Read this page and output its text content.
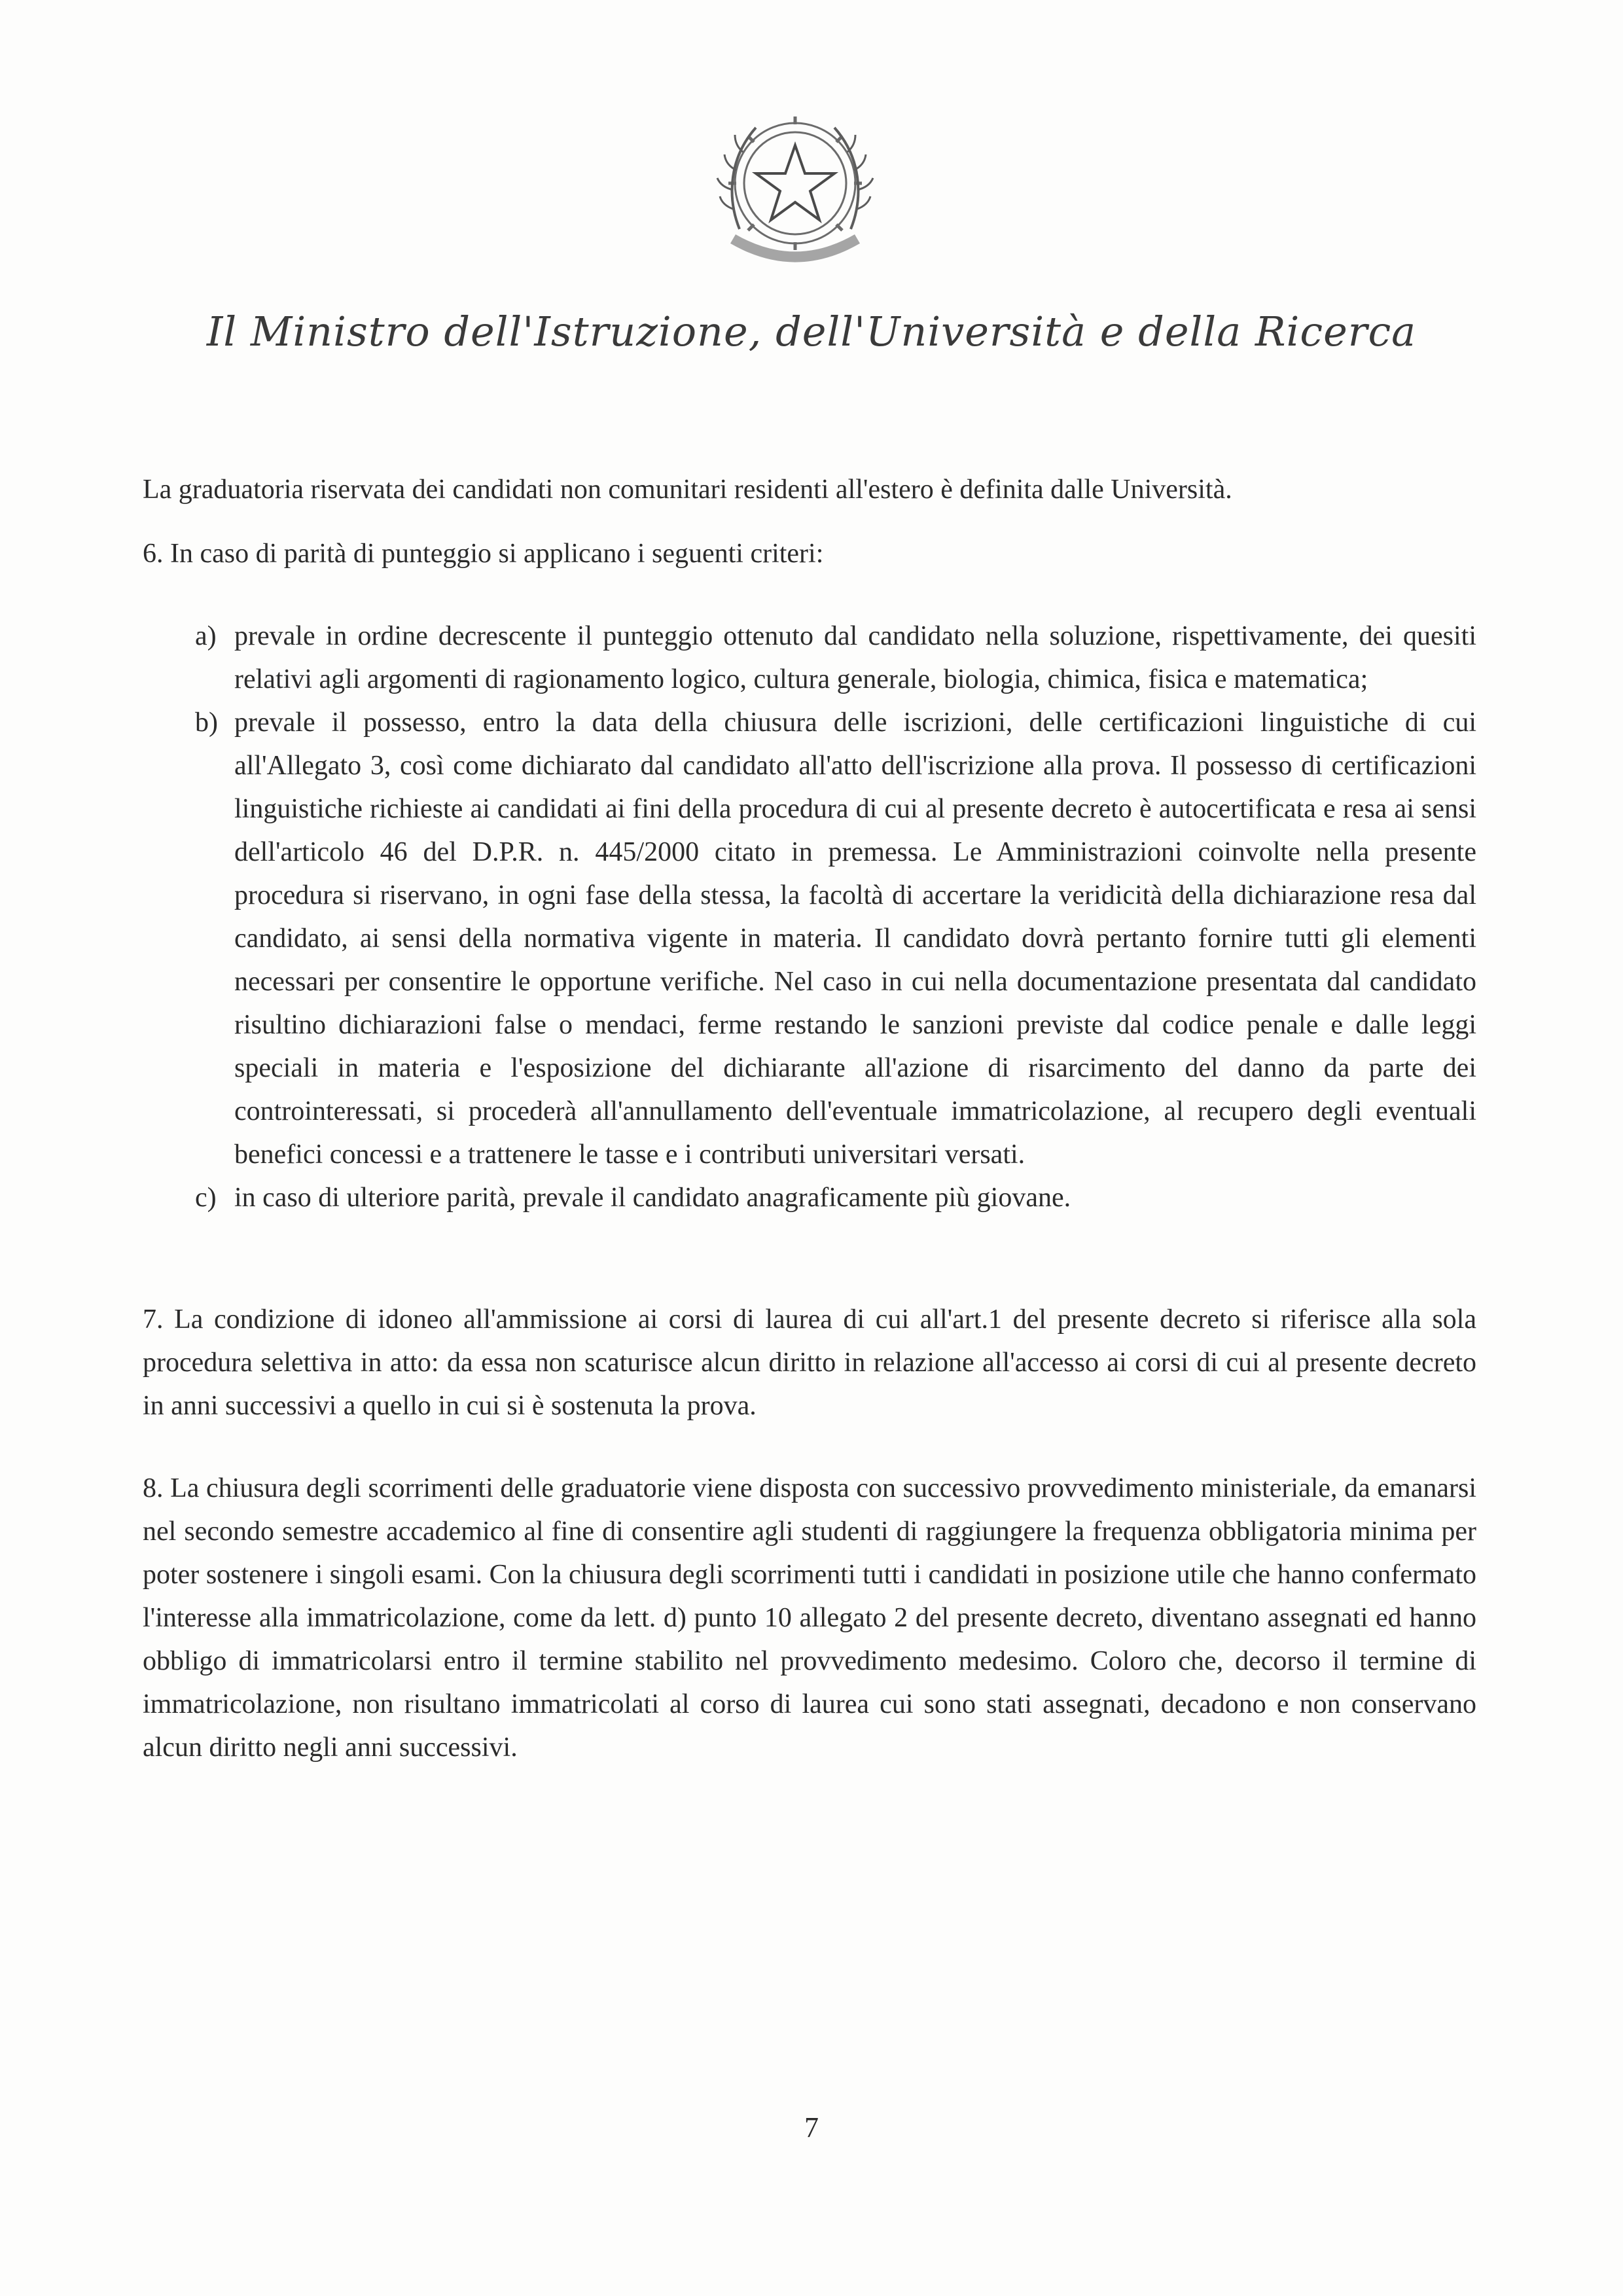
Il Ministro dell'Istruzione, dell'Università e della Ricerca

La graduatoria riservata dei candidati non comunitari residenti all'estero è definita dalle Università.

6. In caso di parità di punteggio si applicano i seguenti criteri:

a) prevale in ordine decrescente il punteggio ottenuto dal candidato nella soluzione, rispettivamente, dei quesiti relativi agli argomenti di ragionamento logico, cultura generale, biologia, chimica, fisica e matematica;
b) prevale il possesso, entro la data della chiusura delle iscrizioni, delle certificazioni linguistiche di cui all'Allegato 3, così come dichiarato dal candidato all'atto dell'iscrizione alla prova. Il possesso di certificazioni linguistiche richieste ai candidati ai fini della procedura di cui al presente decreto è autocertificata e resa ai sensi dell'articolo 46 del D.P.R. n. 445/2000 citato in premessa. Le Amministrazioni coinvolte nella presente procedura si riservano, in ogni fase della stessa, la facoltà di accertare la veridicità della dichiarazione resa dal candidato, ai sensi della normativa vigente in materia. Il candidato dovrà pertanto fornire tutti gli elementi necessari per consentire le opportune verifiche. Nel caso in cui nella documentazione presentata dal candidato risultino dichiarazioni false o mendaci, ferme restando le sanzioni previste dal codice penale e dalle leggi speciali in materia e l'esposizione del dichiarante all'azione di risarcimento del danno da parte dei controinteressati, si procederà all'annullamento dell'eventuale immatricolazione, al recupero degli eventuali benefici concessi e a trattenere le tasse e i contributi universitari versati.
c) in caso di ulteriore parità, prevale il candidato anagraficamente più giovane.

7. La condizione di idoneo all'ammissione ai corsi di laurea di cui all'art.1 del presente decreto si riferisce alla sola procedura selettiva in atto: da essa non scaturisce alcun diritto in relazione all'accesso ai corsi di cui al presente decreto in anni successivi a quello in cui si è sostenuta la prova.

8. La chiusura degli scorrimenti delle graduatorie viene disposta con successivo provvedimento ministeriale, da emanarsi nel secondo semestre accademico al fine di consentire agli studenti di raggiungere la frequenza obbligatoria minima per poter sostenere i singoli esami. Con la chiusura degli scorrimenti tutti i candidati in posizione utile che hanno confermato l'interesse alla immatricolazione, come da lett. d) punto 10 allegato 2 del presente decreto, diventano assegnati ed hanno obbligo di immatricolarsi entro il termine stabilito nel provvedimento medesimo. Coloro che, decorso il termine di immatricolazione, non risultano immatricolati al corso di laurea cui sono stati assegnati, decadono e non conservano alcun diritto negli anni successivi.

7
